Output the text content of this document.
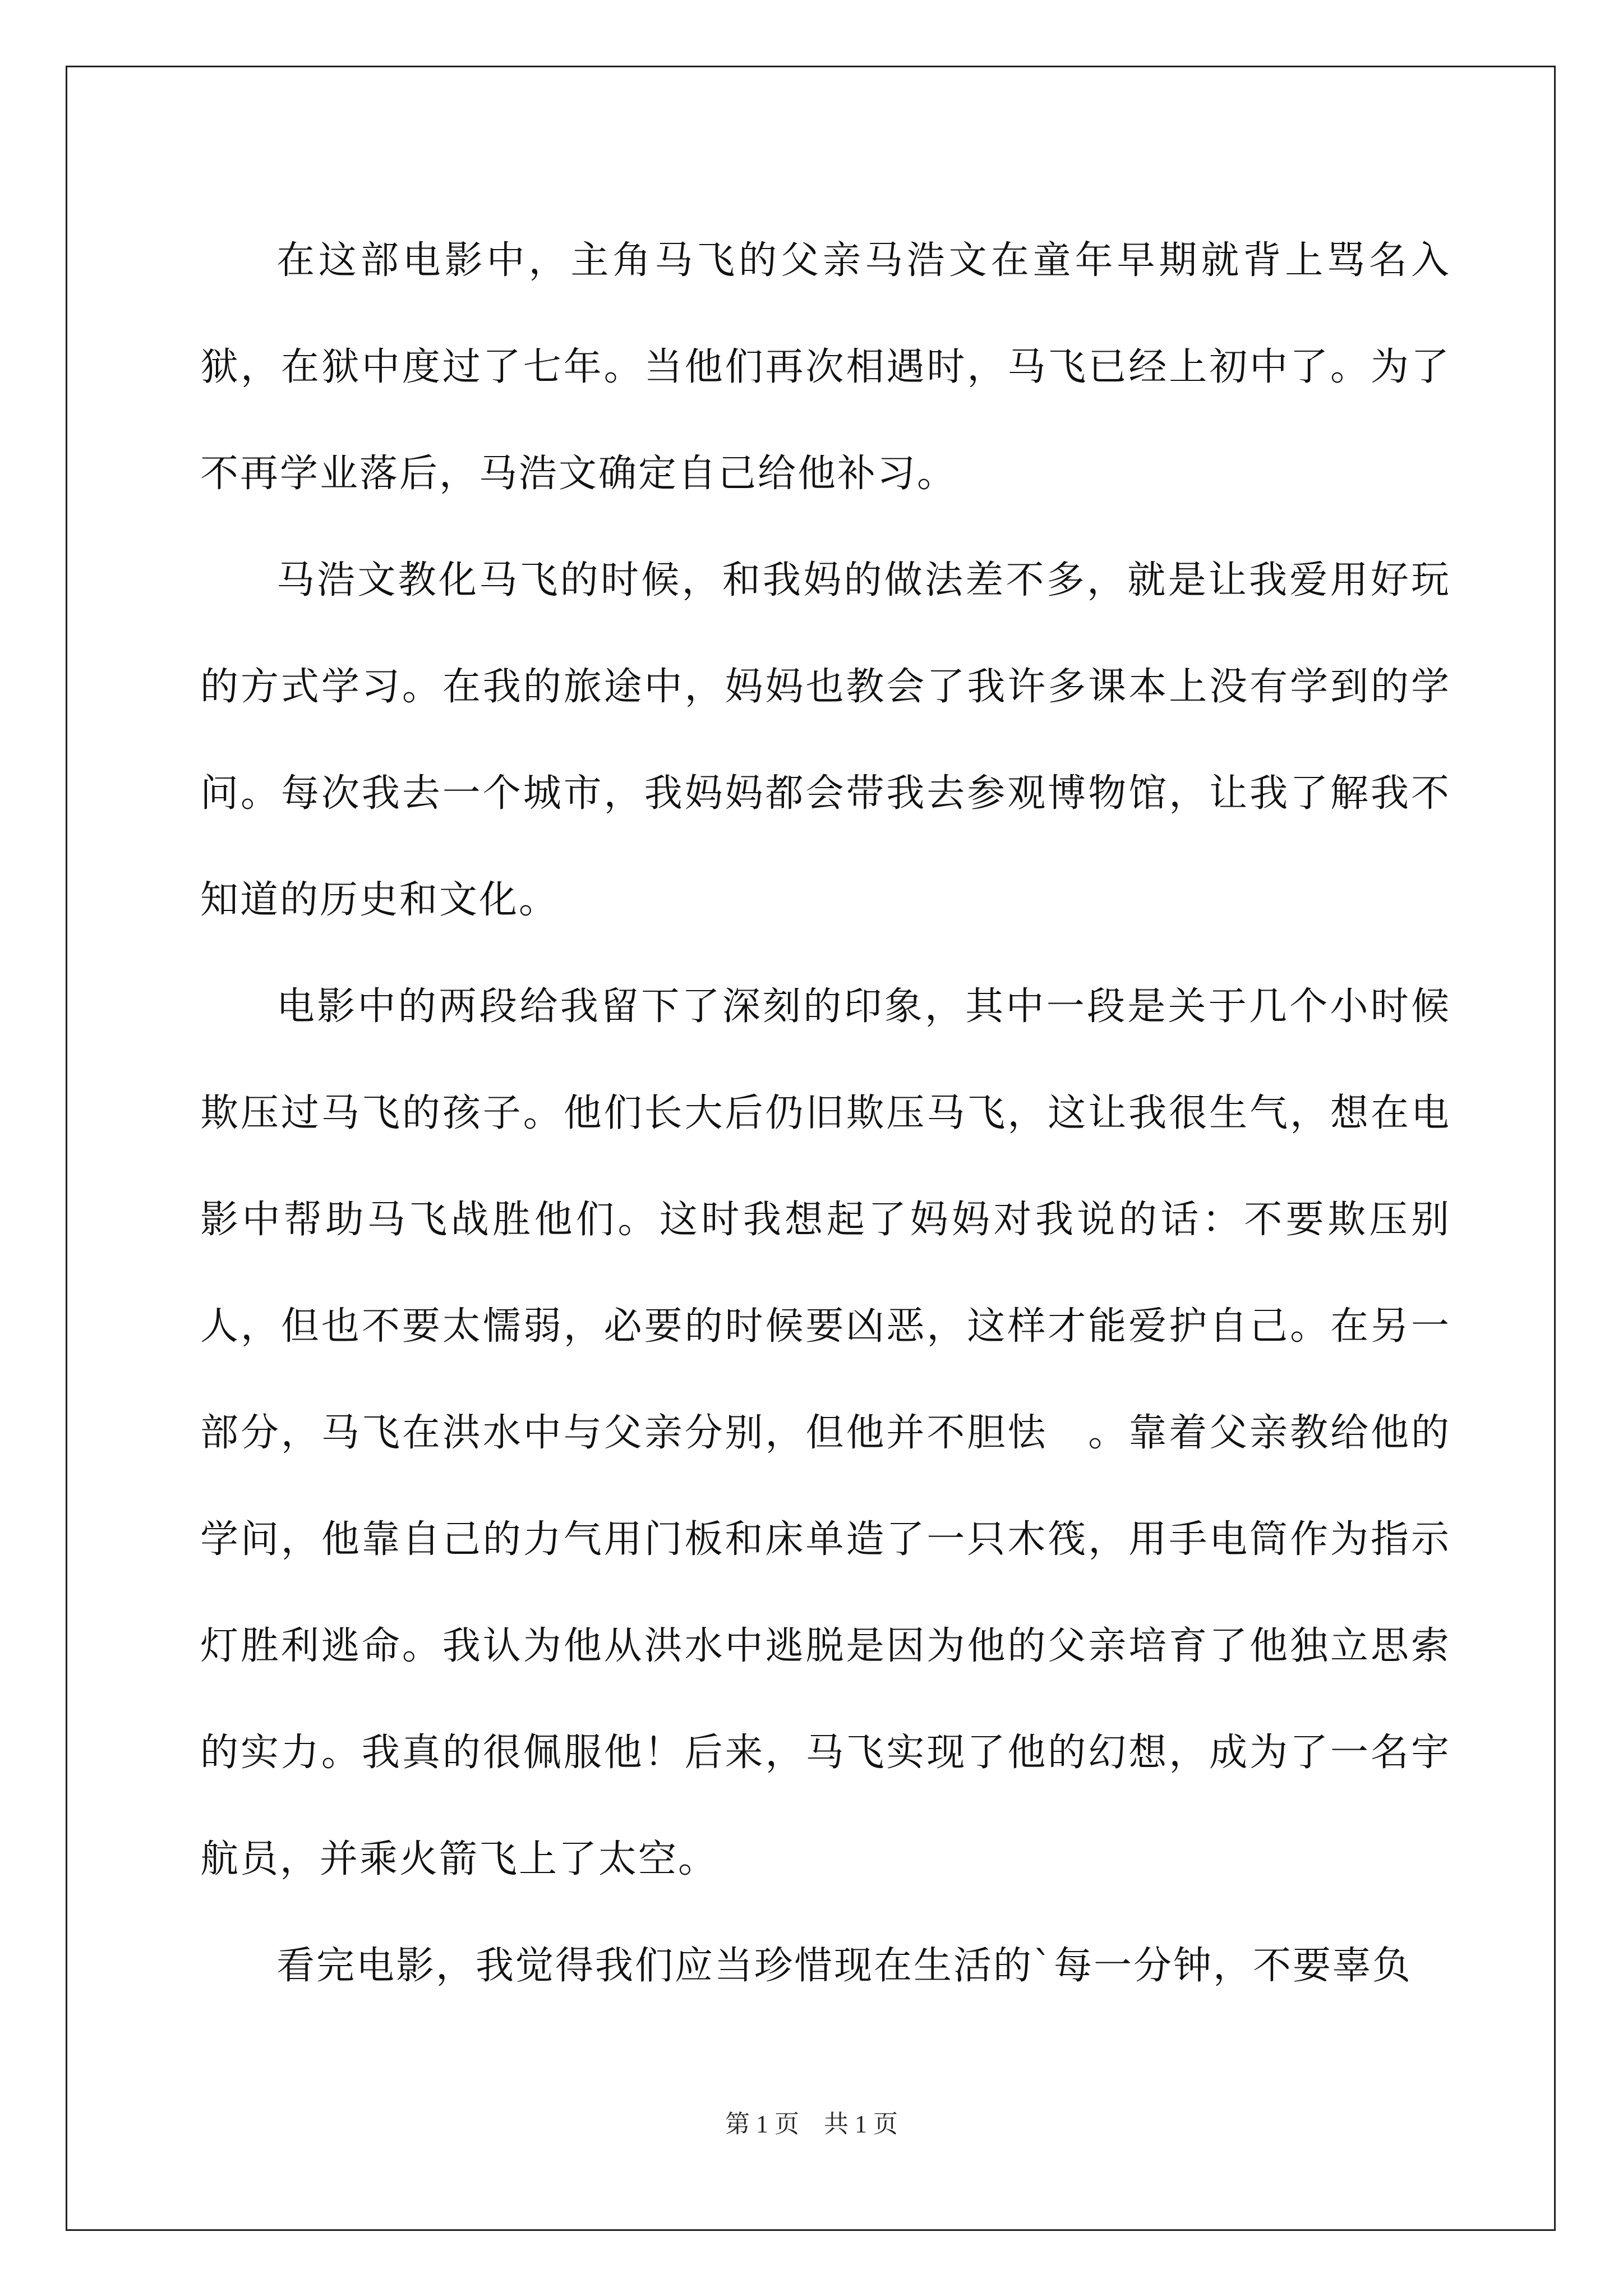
在这部电影中，主角马飞的父亲马浩文在童年早期就背上骂名入狱，在狱中度过了七年。当他们再次相遇时，马飞已经上初中了。为了不再学业落后，马浩文确定自己给他补习。

马浩文教化马飞的时候，和我妈的做法差不多，就是让我爱用好玩的方式学习。在我的旅途中，妈妈也教会了我许多课本上没有学到的学问。每次我去一个城市，我妈妈都会带我去参观博物馆，让我了解我不知道的历史和文化。

电影中的两段给我留下了深刻的印象，其中一段是关于几个小时候欺压过马飞的孩子。他们长大后仍旧欺压马飞，这让我很生气，想在电影中帮助马飞战胜他们。这时我想起了妈妈对我说的话：不要欺压别人，但也不要太懦弱，必要的时候要凶恶，这样才能爱护自己。在另一部分，马飞在洪水中与父亲分别，但他并不胆怯　。靠着父亲教给他的学问，他靠自己的力气用门板和床单造了一只木筏，用手电筒作为指示灯胜利逃命。我认为他从洪水中逃脱是因为他的父亲培育了他独立思索的实力。我真的很佩服他！后来，马飞实现了他的幻想，成为了一名宇航员，并乘火箭飞上了太空。

看完电影，我觉得我们应当珍惜现在生活的`每一分钟，不要辜负

第 1 页　共 1 页
